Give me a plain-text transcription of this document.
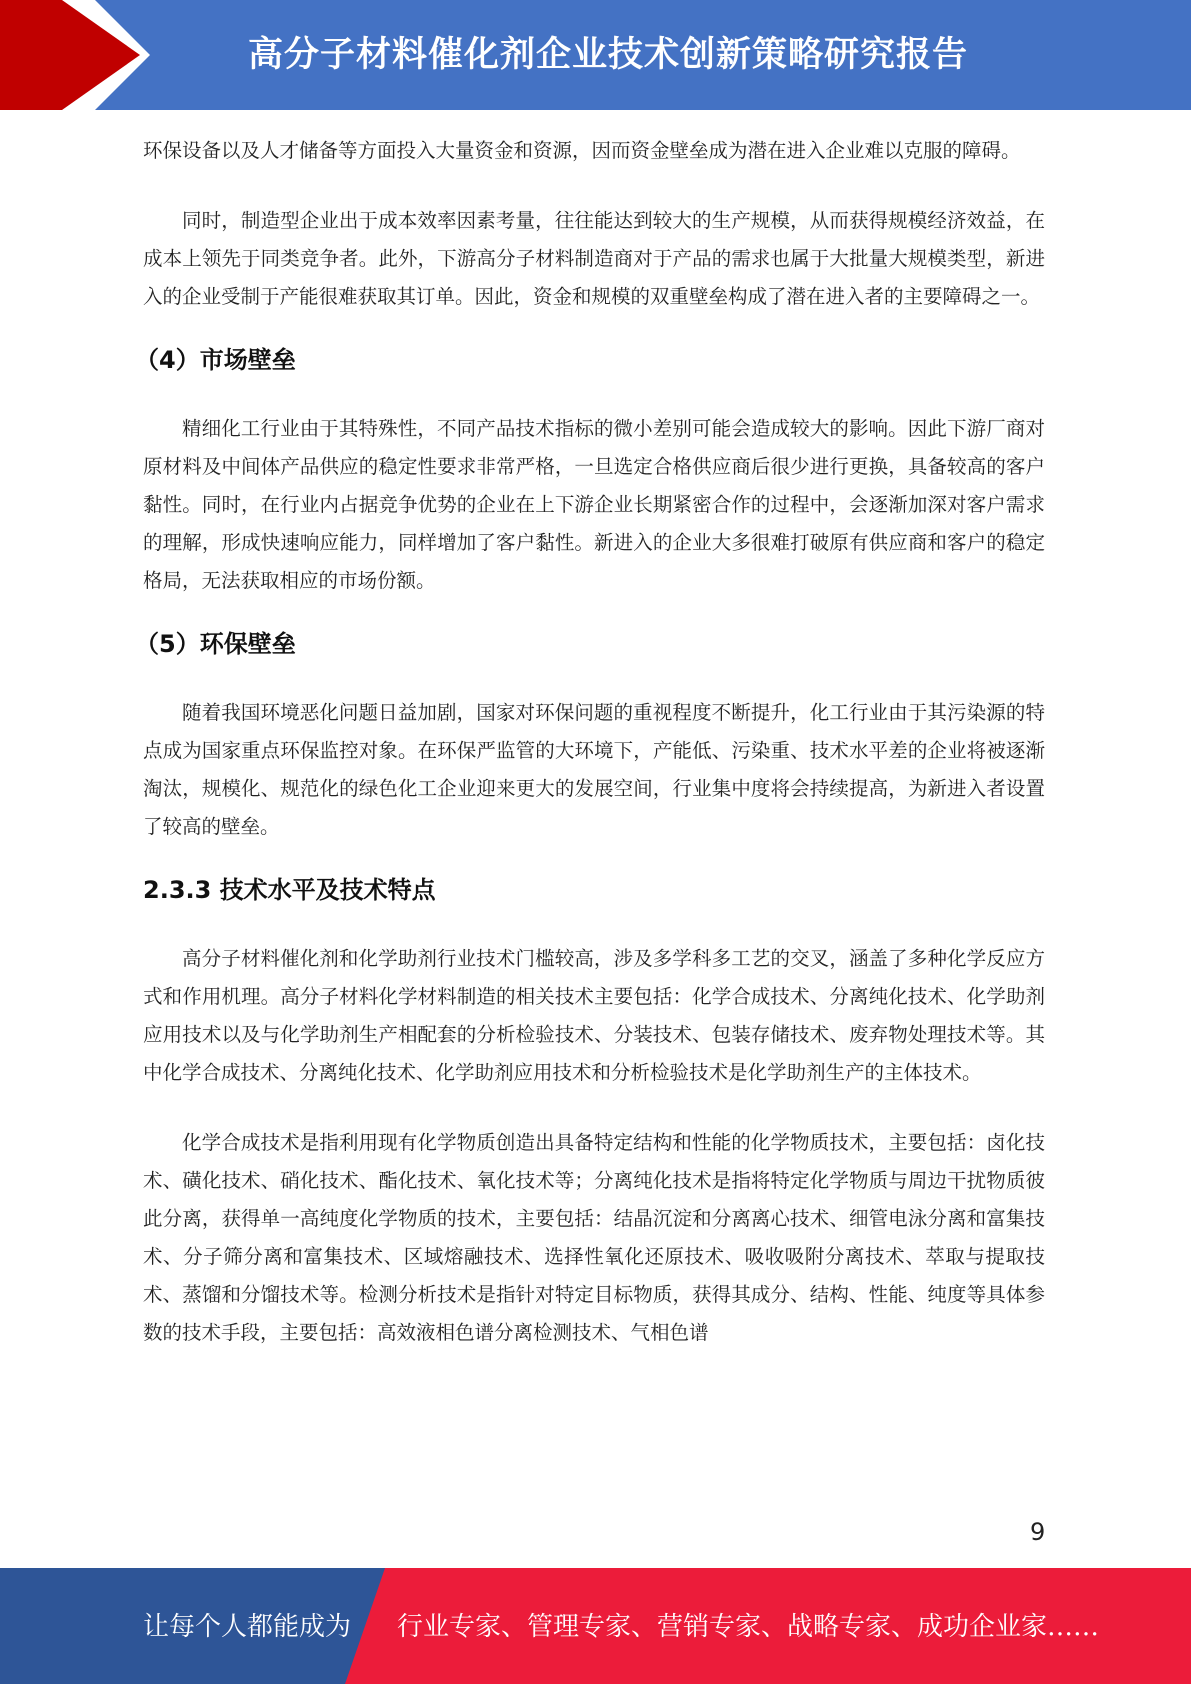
高分子材料催化剂企业技术创新策略研究报告

环保设备以及人才储备等方面投入大量资金和资源，因而资金壁垒成为潜在进入企业难以克服的障碍。

同时，制造型企业出于成本效率因素考量，往往能达到较大的生产规模，从而获得规模经济效益，在成本上领先于同类竞争者。此外，下游高分子材料制造商对于产品的需求也属于大批量大规模类型，新进入的企业受制于产能很难获取其订单。因此，资金和规模的双重壁垒构成了潜在进入者的主要障碍之一。

（4）市场壁垒

精细化工行业由于其特殊性，不同产品技术指标的微小差别可能会造成较大的影响。因此下游厂商对原材料及中间体产品供应的稳定性要求非常严格，一旦选定合格供应商后很少进行更换，具备较高的客户黏性。同时，在行业内占据竞争优势的企业在上下游企业长期紧密合作的过程中，会逐渐加深对客户需求的理解，形成快速响应能力，同样增加了客户黏性。新进入的企业大多很难打破原有供应商和客户的稳定格局，无法获取相应的市场份额。

（5）环保壁垒

随着我国环境恶化问题日益加剧，国家对环保问题的重视程度不断提升，化工行业由于其污染源的特点成为国家重点环保监控对象。在环保严监管的大环境下，产能低、污染重、技术水平差的企业将被逐渐淘汰，规模化、规范化的绿色化工企业迎来更大的发展空间，行业集中度将会持续提高，为新进入者设置了较高的壁垒。

2.3.3 技术水平及技术特点

高分子材料催化剂和化学助剂行业技术门槛较高，涉及多学科多工艺的交叉，涵盖了多种化学反应方式和作用机理。高分子材料化学材料制造的相关技术主要包括：化学合成技术、分离纯化技术、化学助剂应用技术以及与化学助剂生产相配套的分析检验技术、分装技术、包装存储技术、废弃物处理技术等。其中化学合成技术、分离纯化技术、化学助剂应用技术和分析检验技术是化学助剂生产的主体技术。

化学合成技术是指利用现有化学物质创造出具备特定结构和性能的化学物质技术，主要包括：卤化技术、磺化技术、硝化技术、酯化技术、氧化技术等；分离纯化技术是指将特定化学物质与周边干扰物质彼此分离，获得单一高纯度化学物质的技术，主要包括：结晶沉淀和分离离心技术、细管电泳分离和富集技术、分子筛分离和富集技术、区域熔融技术、选择性氧化还原技术、吸收吸附分离技术、萃取与提取技术、蒸馏和分馏技术等。检测分析技术是指针对特定目标物质，获得其成分、结构、性能、纯度等具体参数的技术手段，主要包括：高效液相色谱分离检测技术、气相色谱

9
让每个人都能成为 行业专家、管理专家、营销专家、战略专家、成功企业家……
